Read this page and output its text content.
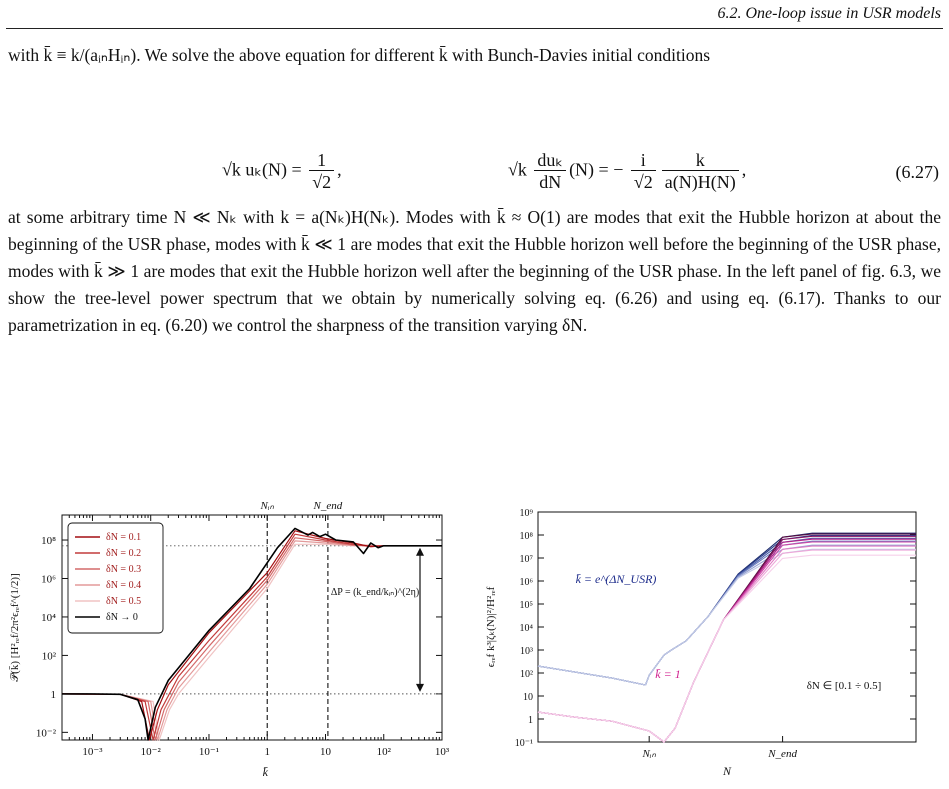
6.2. One-loop issue in USR models
with k̄ ≡ k/(aᵢₙHᵢₙ). We solve the above equation for different k̄ with Bunch-Davies initial conditions
√k $u_k(N) = \frac{1}{√2}$ ,	$√k \frac{\text{duₖ}}{dN} (N)$ = − $\frac{i}{√2} \frac{k}{a(N)H(N)}$ ,	(6.27)
at some arbitrary time N ≪ Nₖ with k = a(Nₖ)H(Nₖ). Modes with k̄ ≈ O(1) are modes that exit the Hubble horizon at about the beginning of the USR phase, modes with k̄ ≪ 1 are modes that exit the Hubble horizon well before the beginning of the USR phase, modes with k̄ ≫ 1 are modes that exit the Hubble horizon well after the beginning of the USR phase. In the left panel of fig. 6.3, we show the tree-level power spectrum that we obtain by numerically solving eq. (6.26) and using eq. (6.17). Thanks to our parametrization in eq. (6.20) we control the sharpness of the transition varying δN.
10⁻³	10⁻²	10⁻¹	1	10	10²	10³
10⁻²
1
10²
10⁴
10⁶
10⁸
Nᵢₙ	N_end
ΔP = (k_end/kᵢₙ)^(2η)
δN = 0.1
δN = 0.2
δN = 0.3
δN = 0.4
δN = 0.5
δN → 0
k̄
𝒫(k̄) [H²ᵣₑf/2π²ϵᵣₑf^(1/2)]
10⁻¹
1
10
10²
10³
10⁴
10⁵
10⁶
10⁷
10⁸
10⁹
Nᵢₙ	N_end
k̄ = e^(ΔN_USR)
k̄ = 1
δN ∈ [0.1 ÷ 0.5]
N
ϵᵣₑf k³|ζₖ(N)|²/H²ᵣₑf
